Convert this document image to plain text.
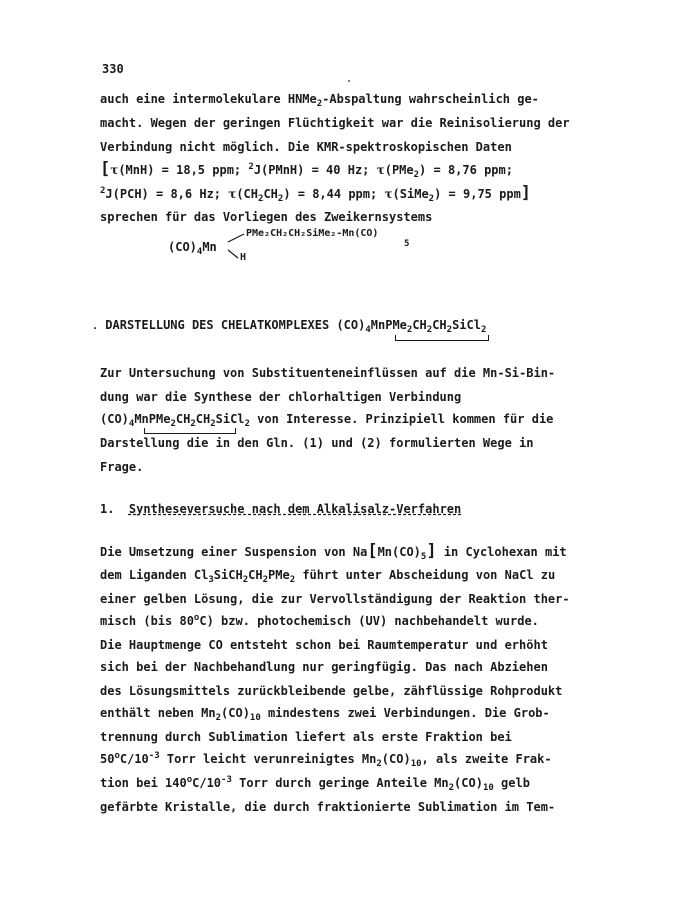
330
auch eine intermolekulare HNMe$_2$-Abspaltung wahrscheinlich ge-
macht. Wegen der geringen Flüchtigkeit war die Reinisolierung der
Verbindung nicht möglich. Die KMR-spektroskopischen Daten
[τ(MnH) = 18,5 ppm; $^2$J(PMnH) = 40 Hz; τ(PMe$_2$) = 8,76 ppm;
$^2$J(PCH) = 8,6 Hz; $\tau(CH_2CH_2) = 8,44$ ppm; τ(SiMe$_2$) = 9,75 ppm]
sprechen für das Vorliegen des Zweikernsystems
$(CO)_4Mn$
PMe₂CH₂CH₂SiMe₂-Mn(CO)
5
H
. DARSTELLUNG DES CHELATKOMPLEXES $(CO)_4MnPMe_2CH_2CH_2SiCl_2$
Zur Untersuchung von Substituenteneinflüssen auf die Mn-Si-Bin-
dung war die Synthese der chlorhaltigen Verbindung
$(CO)_4MnPMe_2CH_2CH_2SiCl_2$ von Interesse. Prinzipiell kommen für die
Darstellung die in den Gln. (1) und (2) formulierten Wege in
Frage.
1. Syntheseversuche nach dem Alkalisalz-Verfahren
Die Umsetzung einer Suspension von $Na[Mn(CO)_5]$ in Cyclohexan mit
dem Liganden $Cl_3SiCH_2CH_2PMe_2$ führt unter Abscheidung von NaCl zu
einer gelben Lösung, die zur Vervollständigung der Reaktion ther-
misch (bis 80$^o$C) bzw. photochemisch (UV) nachbehandelt wurde.
Die Hauptmenge CO entsteht schon bei Raumtemperatur und erhöht
sich bei der Nachbehandlung nur geringfügig. Das nach Abziehen
des Lösungsmittels zurückbleibende gelbe, zähflüssige Rohprodukt
enthält neben $Mn_2(CO)_{10}$ mindestens zwei Verbindungen. Die Grob-
trennung durch Sublimation liefert als erste Fraktion bei
$50^oC/10^{-3}$ Torr leicht verunreinigtes $Mn_2(CO)_{10}$, als zweite Frak-
tion bei $140^oC/10^{-3}$ Torr durch geringe Anteile $Mn_2(CO)_{10}$ gelb
gefärbte Kristalle, die durch fraktionierte Sublimation im Tem-
